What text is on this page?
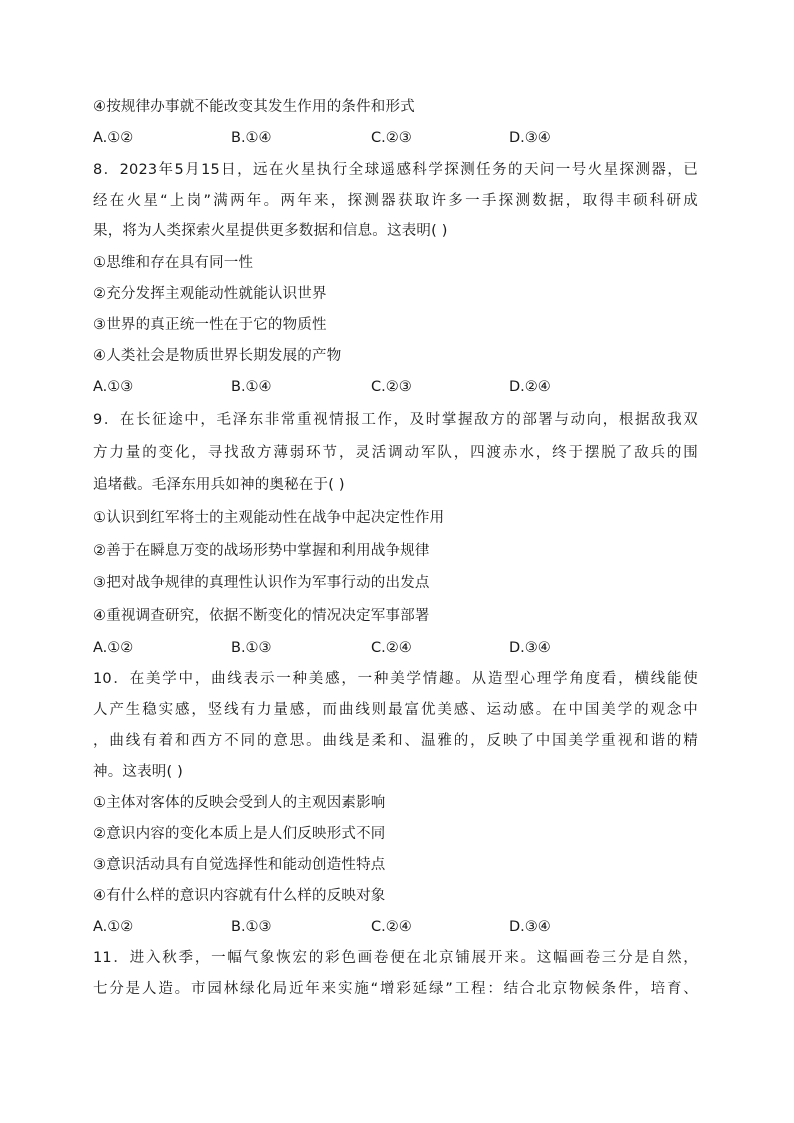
④按规律办事就不能改变其发生作用的条件和形式
A.①②	B.①④	C.②③	D.③④
8．2023年5月15日，远在火星执行全球遥感科学探测任务的天问一号火星探测器，已
经在火星“上岗”满两年。两年来，探测器获取许多一手探测数据，取得丰硕科研成
果，将为人类探索火星提供更多数据和信息。这表明( )
①思维和存在具有同一性
②充分发挥主观能动性就能认识世界
③世界的真正统一性在于它的物质性
④人类社会是物质世界长期发展的产物
A.①③	B.①④	C.②③	D.②④
9．在长征途中，毛泽东非常重视情报工作，及时掌握敌方的部署与动向，根据敌我双
方力量的变化，寻找敌方薄弱环节，灵活调动军队，四渡赤水，终于摆脱了敌兵的围
追堵截。毛泽东用兵如神的奥秘在于( )
①认识到红军将士的主观能动性在战争中起决定性作用
②善于在瞬息万变的战场形势中掌握和利用战争规律
③把对战争规律的真理性认识作为军事行动的出发点
④重视调查研究，依据不断变化的情况决定军事部署
A.①②	B.①③	C.②④	D.③④
10．在美学中，曲线表示一种美感，一种美学情趣。从造型心理学角度看，横线能使
人产生稳实感，竖线有力量感，而曲线则最富优美感、运动感。在中国美学的观念中
，曲线有着和西方不同的意思。曲线是柔和、温雅的，反映了中国美学重视和谐的精
神。这表明( )
①主体对客体的反映会受到人的主观因素影响
②意识内容的变化本质上是人们反映形式不同
③意识活动具有自觉选择性和能动创造性特点
④有什么样的意识内容就有什么样的反映对象
A.①②	B.①③	C.②④	D.③④
11．进入秋季，一幅气象恢宏的彩色画卷便在北京铺展开来。这幅画卷三分是自然，
七分是人造。市园林绿化局近年来实施“增彩延绿”工程：结合北京物候条件，培育、
